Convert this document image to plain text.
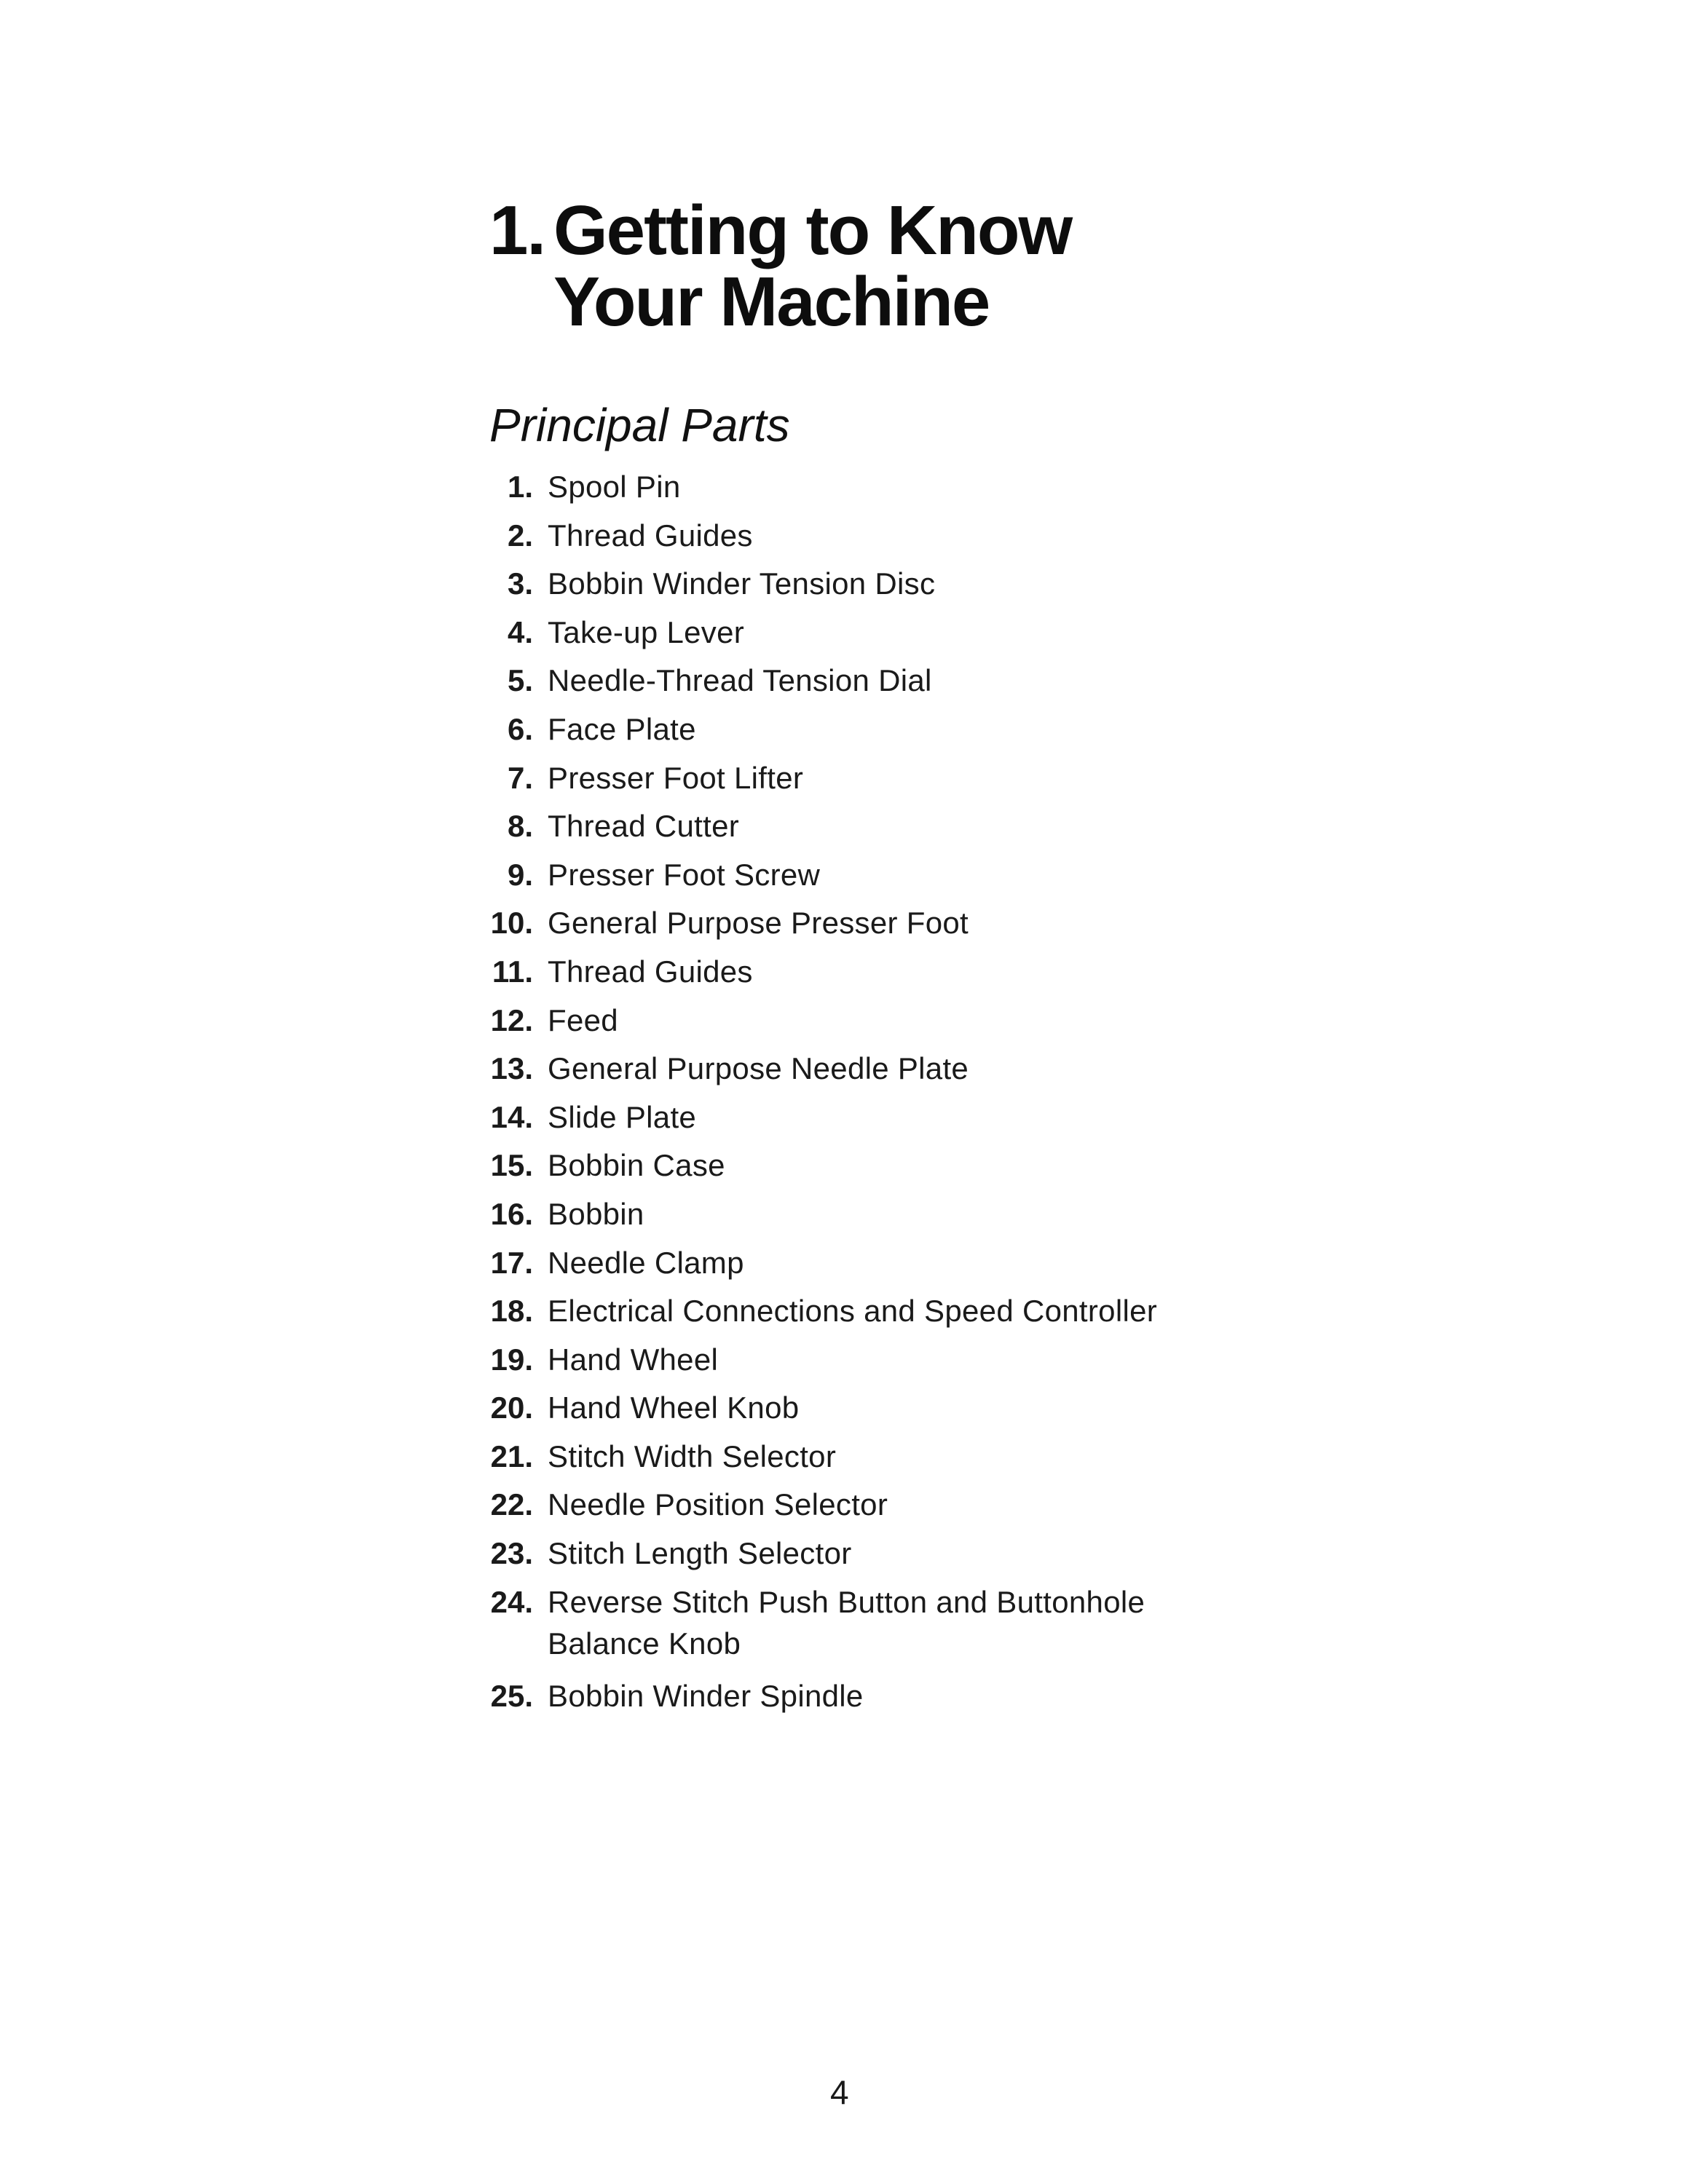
1. Getting to Know
Your Machine
Principal Parts
1. Spool Pin
2. Thread Guides
3. Bobbin Winder Tension Disc
4. Take-up Lever
5. Needle-Thread Tension Dial
6. Face Plate
7. Presser Foot Lifter
8. Thread Cutter
9. Presser Foot Screw
10. General Purpose Presser Foot
11. Thread Guides
12. Feed
13. General Purpose Needle Plate
14. Slide Plate
15. Bobbin Case
16. Bobbin
17. Needle Clamp
18. Electrical Connections and Speed Controller
19. Hand Wheel
20. Hand Wheel Knob
21. Stitch Width Selector
22. Needle Position Selector
23. Stitch Length Selector
24. Reverse Stitch Push Button and Buttonhole
Balance Knob
25. Bobbin Winder Spindle
4
